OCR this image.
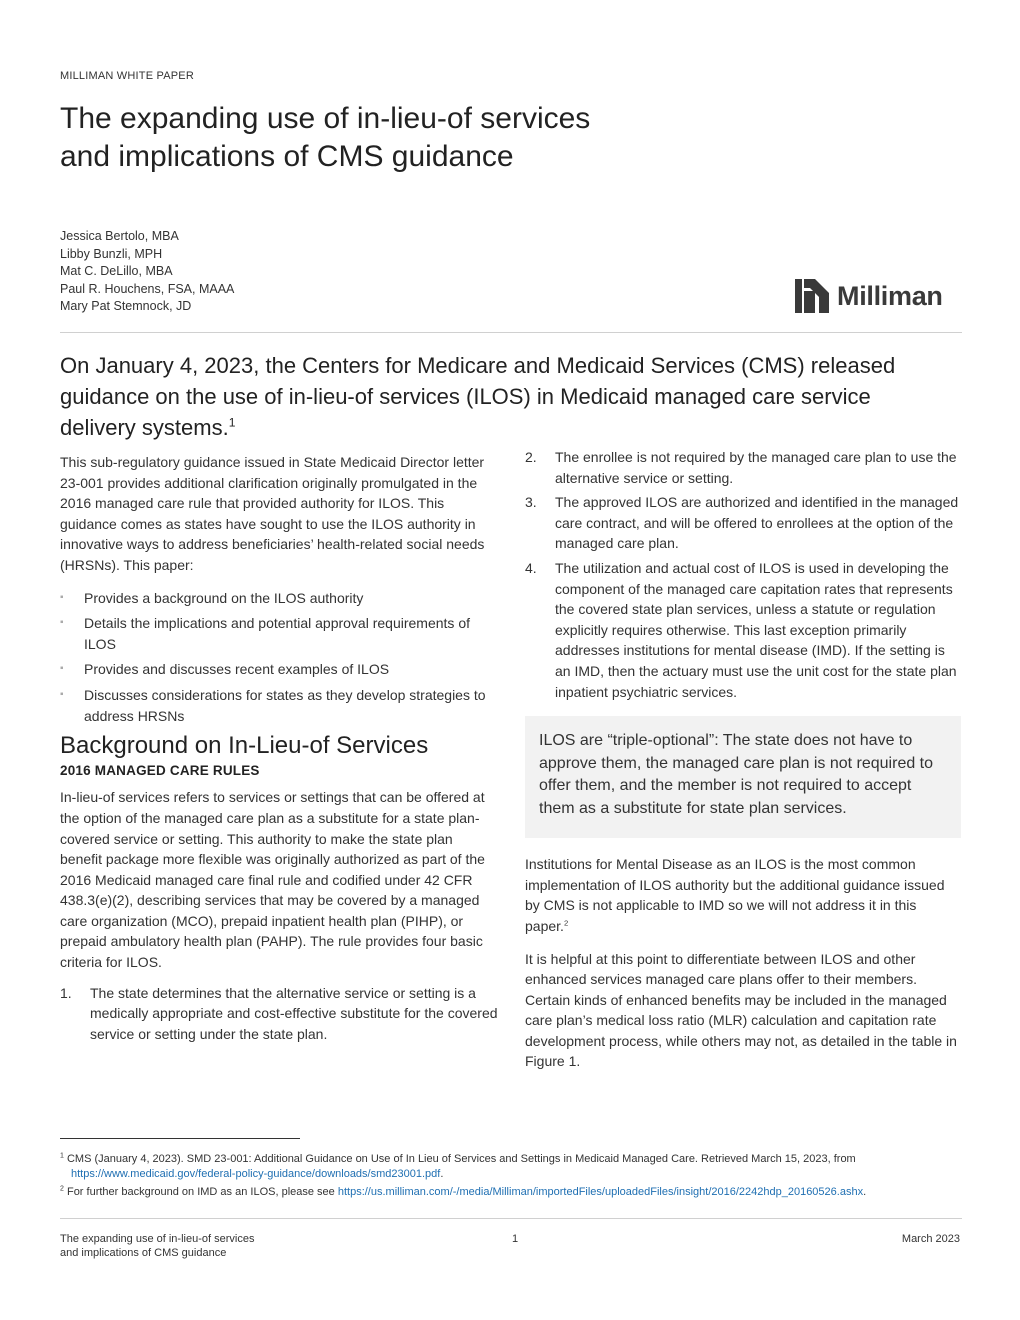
MILLIMAN WHITE PAPER
The expanding use of in-lieu-of services
and implications of CMS guidance
Jessica Bertolo, MBA
Libby Bunzli, MPH
Mat C. DeLillo, MBA
Paul R. Houchens, FSA, MAAA
Mary Pat Stemnock, JD	Milliman
On January 4, 2023, the Centers for Medicare and Medicaid Services (CMS) released guidance on the use of in-lieu-of services (ILOS) in Medicaid managed care service delivery systems.$^1$

This sub-regulatory guidance issued in State Medicaid Director letter 23-001 provides additional clarification originally promulgated in the 2016 managed care rule that provided authority for ILOS. This guidance comes as states have sought to use the ILOS authority in innovative ways to address beneficiaries’ health-related social needs (HRSNs). This paper:

▪ Provides a background on the ILOS authority
▪ Details the implications and potential approval requirements of ILOS
▪ Provides and discusses recent examples of ILOS
▪ Discusses considerations for states as they develop strategies to address HRSNs
Background on In-Lieu-of Services
2016 MANAGED CARE RULES

In-lieu-of services refers to services or settings that can be offered at the option of the managed care plan as a substitute for a state plan-covered service or setting. This authority to make the state plan benefit package more flexible was originally authorized as part of the 2016 Medicaid managed care final rule and codified under 42 CFR 438.3(e)(2), describing services that may be covered by a managed care organization (MCO), prepaid inpatient health plan (PIHP), or prepaid ambulatory health plan (PAHP). The rule provides four basic criteria for ILOS.

1.	The state determines that the alternative service or setting is a medically appropriate and cost-effective substitute for the covered service or setting under the state plan.
2.	The enrollee is not required by the managed care plan to use the alternative service or setting.
3.	The approved ILOS are authorized and identified in the managed care contract, and will be offered to enrollees at the option of the managed care plan.
4.	The utilization and actual cost of ILOS is used in developing the component of the managed care capitation rates that represents the covered state plan services, unless a statute or regulation explicitly requires otherwise. This last exception primarily addresses institutions for mental disease (IMD). If the setting is an IMD, then the actuary must use the unit cost for the state plan inpatient psychiatric services.
ILOS are “triple-optional”: The state does not have to approve them, the managed care plan is not required to offer them, and the member is not required to accept them as a substitute for state plan services.

Institutions for Mental Disease as an ILOS is the most common implementation of ILOS authority but the additional guidance issued by CMS is not applicable to IMD so we will not address it in this paper.$^2$

It is helpful at this point to differentiate between ILOS and other enhanced services managed care plans offer to their members. Certain kinds of enhanced benefits may be included in the managed care plan’s medical loss ratio (MLR) calculation and capitation rate development process, while others may not, as detailed in the table in Figure 1.

$^1$ CMS (January 4, 2023). SMD 23-001: Additional Guidance on Use of In Lieu of Services and Settings in Medicaid Managed Care. Retrieved March 15, 2023, from
https://www.medicaid.gov/federal-policy-guidance/downloads/smd23001.pdf.
$^2$ For further background on IMD as an ILOS, please see https://us.milliman.com/-/media/Milliman/importedFiles/uploadedFiles/insight/2016/2242hdp_20160526.ashx.
The expanding use of in-lieu-of services
and implications of CMS guidance
1	March 2023
